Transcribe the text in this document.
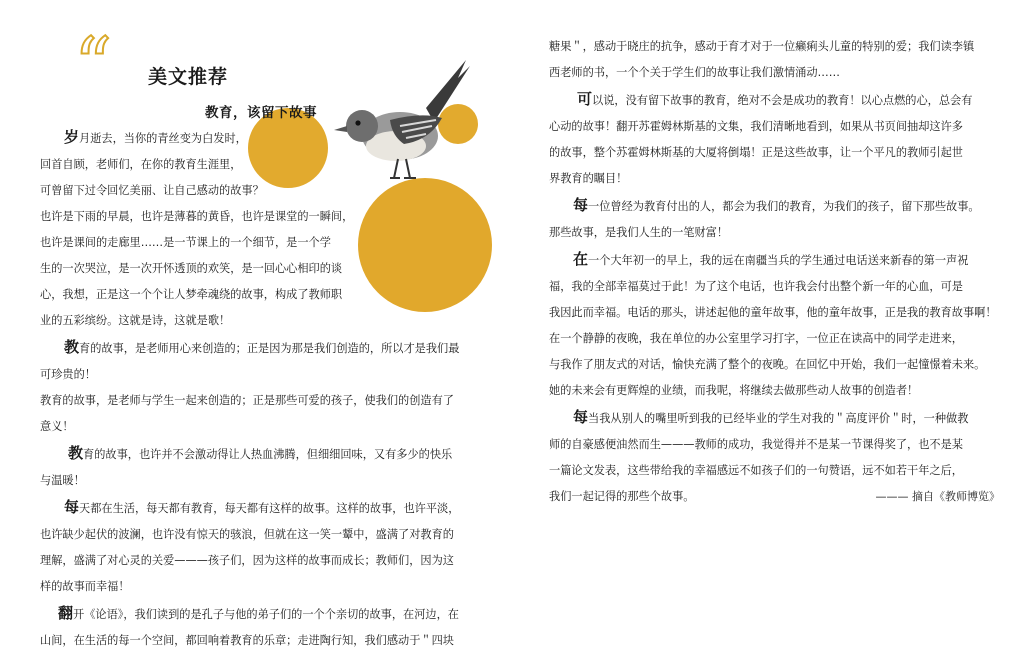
“ 美文推荐
教育，该留下故事

岁月逝去，当你的青丝变为白发时，

回首自顾，老师们，在你的教育生涯里，

可曾留下过令回忆美丽、让自己感动的故事？

也许是下雨的早晨，也许是薄暮的黄昏，也许是课堂的一瞬间，

也许是课间的走廊里……是一节课上的一个细节，是一个学

生的一次哭泣，是一次开怀透顶的欢笑，是一回心心相印的谈

心，我想，正是这一个个让人梦牵魂绕的故事，构成了教师职

业的五彩缤纷。这就是诗，这就是歌！

教育的故事，是老师用心来创造的；正是因为那是我们创造的，所以才是我们最

可珍贵的！

教育的故事，是老师与学生一起来创造的；正是那些可爱的孩子，使我们的创造有了

意义！

教育的故事，也许并不会激动得让人热血沸腾，但细细回味，又有多少的快乐

与温暖！

每天都在生活，每天都有教育，每天都有这样的故事。这样的故事，也许平淡，

也许缺少起伏的波澜，也许没有惊天的骇浪，但就在这一笑一颦中，盛满了对教育的

理解，盛满了对心灵的关爱———孩子们，因为这样的故事而成长；教师们，因为这

样的故事而幸福！

翻开《论语》，我们读到的是孔子与他的弟子们的一个个亲切的故事，在河边，在

山间，在生活的每一个空间，都回响着教育的乐章；走进陶行知，我们感动于＂四块

糖果＂，感动于晓庄的抗争，感动于育才对于一位癞痢头儿童的特别的爱；我们读李镇

西老师的书，一个个关于学生们的故事让我们激情涌动……

可以说，没有留下故事的教育，绝对不会是成功的教育！以心点燃的心，总会有

心动的故事！翻开苏霍姆林斯基的文集，我们清晰地看到，如果从书页间抽却这许多

的故事，整个苏霍姆林斯基的大厦将倒塌！正是这些故事，让一个平凡的教师引起世

界教育的瞩目！

每一位曾经为教育付出的人，都会为我们的教育，为我们的孩子，留下那些故事。

那些故事，是我们人生的一笔财富！

在一个大年初一的早上，我的远在南疆当兵的学生通过电话送来新春的第一声祝

福，我的全部幸福莫过于此！为了这个电话，也许我会付出整个新一年的心血，可是

我因此而幸福。电话的那头，讲述起他的童年故事，他的童年故事，正是我的教育故事啊！

在一个静静的夜晚，我在单位的办公室里学习打字，一位正在读高中的同学走进来，

与我作了朋友式的对话，愉快充满了整个的夜晚。在回忆中开始，我们一起憧憬着未来。

她的未来会有更辉煌的业绩，而我呢，将继续去做那些动人故事的创造者！

每当我从别人的嘴里听到我的已经毕业的学生对我的＂高度评价＂时，一种做教

师的自豪感便油然而生———教师的成功，我觉得并不是某一节课得奖了，也不是某

一篇论文发表，这些带给我的幸福感远不如孩子们的一句赞语，远不如若干年之后，

我们一起记得的那些个故事。	——— 摘自《教师博览》
